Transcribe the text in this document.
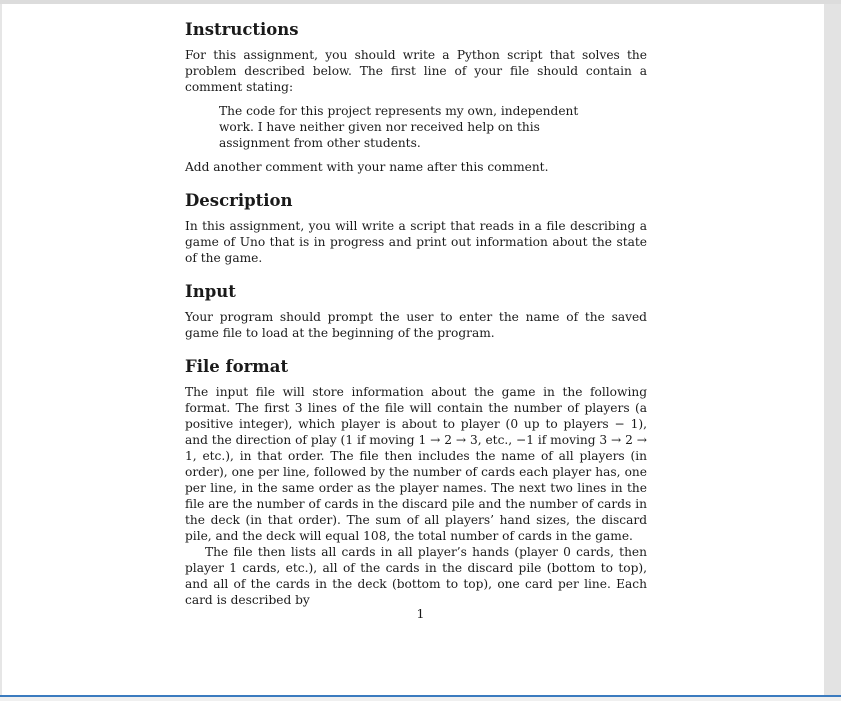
Instructions

For this assignment, you should write a Python script that solves the problem described below. The first line of your file should contain a comment stating:

The code for this project represents my own, independent work. I have neither given nor received help on this assignment from other students.

Add another comment with your name after this comment.

Description

In this assignment, you will write a script that reads in a file describing a game of Uno that is in progress and print out information about the state of the game.

Input

Your program should prompt the user to enter the name of the saved game file to load at the beginning of the program.

File format

The input file will store information about the game in the following format. The first 3 lines of the file will contain the number of players (a positive integer), which player is about to player (0 up to players − 1), and the direction of play (1 if moving 1 → 2 → 3, etc., −1 if moving 3 → 2 → 1, etc.), in that order. The file then includes the name of all players (in order), one per line, followed by the number of cards each player has, one per line, in the same order as the player names. The next two lines in the file are the number of cards in the discard pile and the number of cards in the deck (in that order). The sum of all players’ hand sizes, the discard pile, and the deck will equal 108, the total number of cards in the game.

The file then lists all cards in all player’s hands (player 0 cards, then player 1 cards, etc.), all of the cards in the discard pile (bottom to top), and all of the cards in the deck (bottom to top), one card per line. Each card is described by

1
